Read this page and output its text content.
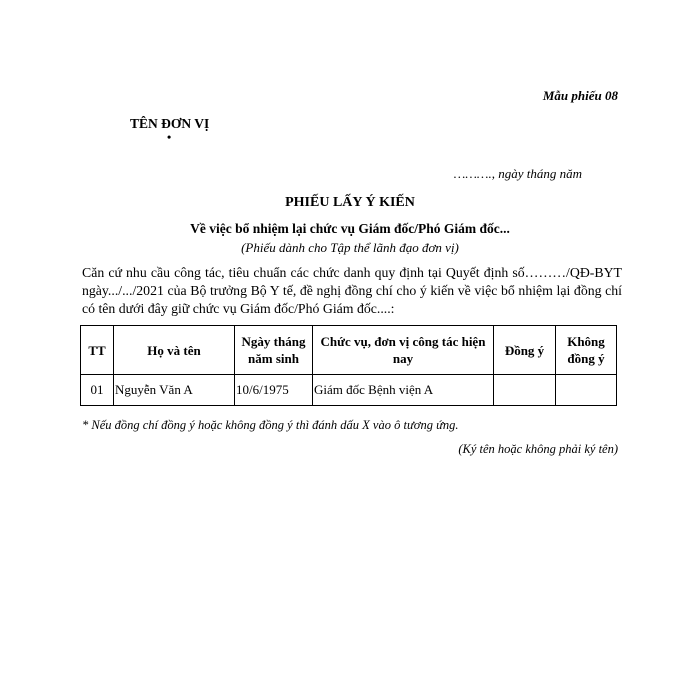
Mẫu phiếu 08
TÊN ĐƠN VỊ
•
………., ngày tháng năm
PHIẾU LẤY Ý KIẾN
Về việc bổ nhiệm lại chức vụ Giám đốc/Phó Giám đốc...
(Phiếu dành cho Tập thể lãnh đạo đơn vị)
Căn cứ nhu cầu công tác, tiêu chuẩn các chức danh quy định tại Quyết định số………/QĐ-BYT ngày.../.../2021 của Bộ trưởng Bộ Y tế, đề nghị đồng chí cho ý kiến về việc bổ nhiệm lại đồng chí có tên dưới đây giữ chức vụ Giám đốc/Phó Giám đốc....:
TT	Họ và tên	Ngày tháng năm sinh	Chức vụ, đơn vị công tác hiện nay	Đồng ý	Không đồng ý
01	Nguyễn Văn A	10/6/1975	Giám đốc Bệnh viện A		
* Nếu đồng chí đồng ý hoặc không đồng ý thì đánh dấu X vào ô tương ứng.
(Ký tên hoặc không phải ký tên)
